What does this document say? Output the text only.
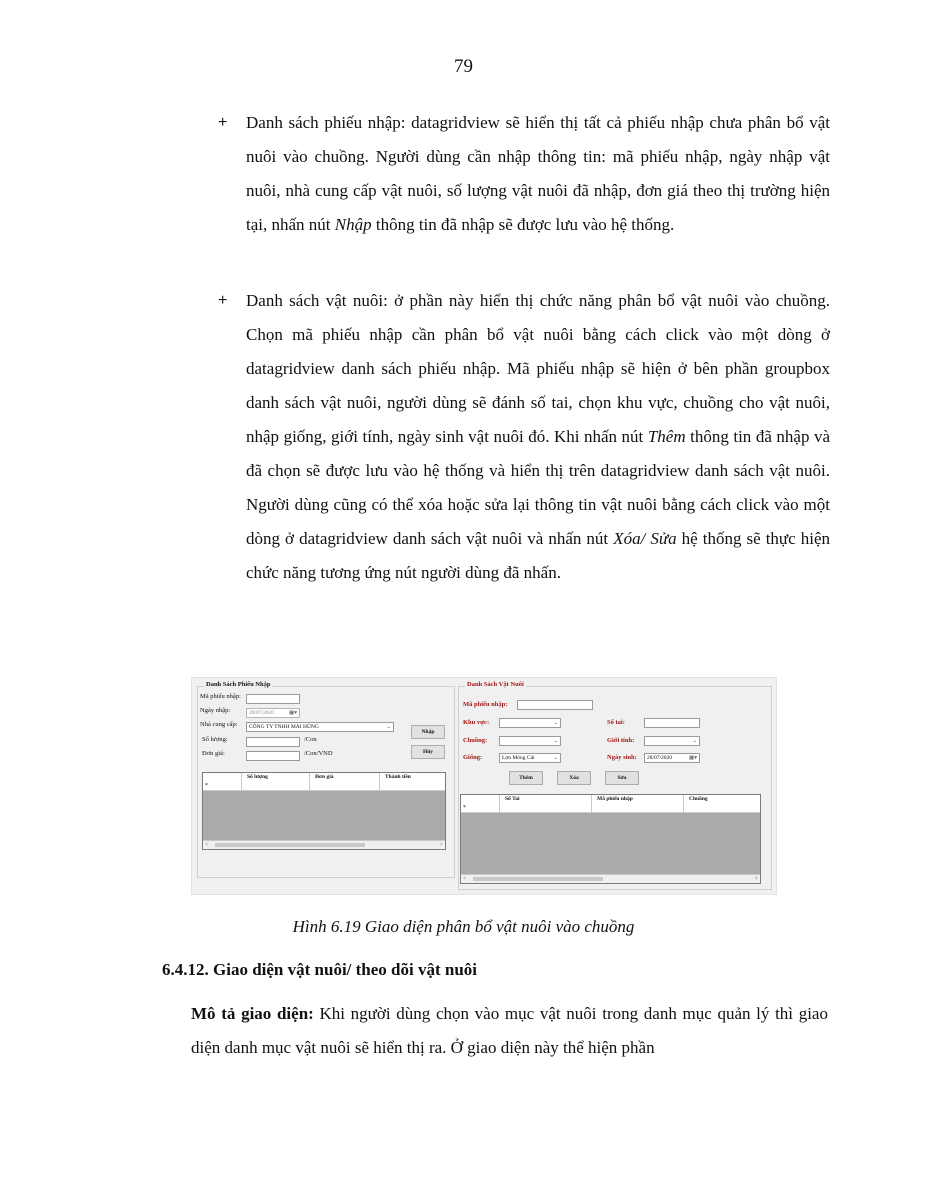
79
+ Danh sách phiếu nhập: datagridview sẽ hiển thị tất cả phiếu nhập chưa phân bổ vật nuôi vào chuồng. Người dùng cần nhập thông tin: mã phiếu nhập, ngày nhập vật nuôi, nhà cung cấp vật nuôi, số lượng vật nuôi đã nhập, đơn giá theo thị trường hiện tại, nhấn nút Nhập thông tin đã nhập sẽ được lưu vào hệ thống.
+ Danh sách vật nuôi: ở phần này hiển thị chức năng phân bổ vật nuôi vào chuồng. Chọn mã phiếu nhập cần phân bổ vật nuôi bằng cách click vào một dòng ở datagridview danh sách phiếu nhập. Mã phiếu nhập sẽ hiện ở bên phần groupbox danh sách vật nuôi, người dùng sẽ đánh số tai, chọn khu vực, chuồng cho vật nuôi, nhập giống, giới tính, ngày sinh vật nuôi đó. Khi nhấn nút Thêm thông tin đã nhập và đã chọn sẽ được lưu vào hệ thống và hiển thị trên datagridview danh sách vật nuôi. Người dùng cũng có thể xóa hoặc sửa lại thông tin vật nuôi bằng cách click vào một dòng ở datagridview danh sách vật nuôi và nhấn nút Xóa/ Sửa hệ thống sẽ thực hiện chức năng tương ứng nút người dùng đã nhấn.
Danh Sách Phiếu Nhập
Mã phiếu nhập:
Ngày nhập:	28/07/2020	▦▾
Nhà cung cấp:	CÔNG TY TNHH MAI HÙNG	⌄
Nhập
Số lượng:	/Con
Hủy
Đơn giá:	/Con/VND
Số lượng	Đơn giá	Thành tiền
*
<	>
Danh Sách Vật Nuôi
Mã phiếu nhập:
Khu vực:	⌄	Số tai:
Chuồng:	⌄	Giới tính:	⌄
Giống:	Lợn Móng Cái	⌄	Ngày sinh:	28/07/2020	▦▾
Thêm	Xóa	Sửa
Số Tai	Mã phiếu nhập	Chuồng
*
<	>
Hình 6.19 Giao diện phân bổ vật nuôi vào chuồng
6.4.12. Giao diện vật nuôi/ theo dõi vật nuôi
Mô tả giao diện: Khi người dùng chọn vào mục vật nuôi trong danh mục quản lý thì giao diện danh mục vật nuôi sẽ hiển thị ra. Ở giao diện này thể hiện phần
